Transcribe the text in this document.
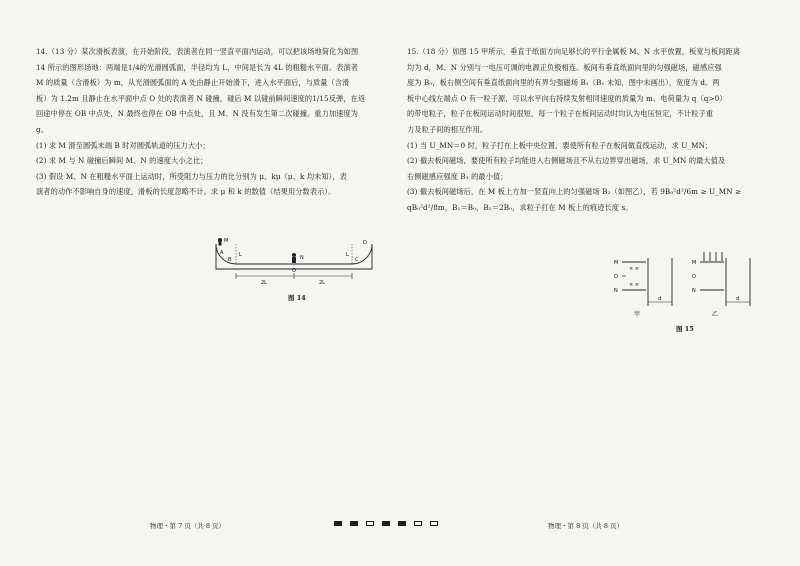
14.（13 分）某次滑板表演，在开始阶段，表演者在同一竖直平面内运动，可以把该场地简化为如图

14 所示的图形场地：两端是1/4的光滑圆弧面，半径均为 L，中间是长为 4L 的粗糙水平面。表演者

M 的质量（含滑板）为 m，从光滑圆弧面的 A 处由静止开始滑下，进入水平面后，与质量（含滑

板）为 1.2m 且静止在水平面中点 O 处的表演者 N 碰撞，碰后 M 以碰前瞬间速度的1/15反弹，在返

回途中停在 OB 中点处，N 最终也停在 OB 中点处，且 M、N 没有发生第二次碰撞。重力加速度为

g。

(1) 求 M 滑至圆弧末端 B 时对圆弧轨道的压力大小；

(2) 求 M 与 N 碰撞后瞬间 M、N 的速度大小之比；

(3) 假设 M、N 在粗糙水平面上运动时，所受阻力与压力的比分别为 μ、kμ（μ、k 均未知），表

演者的动作不影响自身的速度，滑板的长度忽略不计。求 μ 和 k 的数值（结果用分数表示）。

M
A
B	N
O
C
D
L	L
2L	2L
图 14

15.（18 分）如图 15 甲所示，垂直于纸面方向足够长的平行金属板 M、N 水平放置，板宽与板间距离

均为 d，M、N 分别与一电压可调的电源正负极相连。板间有垂直纸面向里的匀强磁场，磁感应强

度为 B₀，板右侧空间有垂直纸面向里的有界匀强磁场 B₁（B₁ 未知，图中未画出），宽度为 d。两

板中心线左端点 O 有一粒子源，可以水平向右持续发射相同速度的质量为 m、电荷量为 q（q>0）

的带电粒子，粒子在板间运动时间很短，每一个粒子在板间运动时均认为电压恒定，不计粒子重

力及粒子间的相互作用。

(1) 当 U_MN＝0 时，粒子打在上板中央位置，要使所有粒子在板间做直线运动，求 U_MN；

(2) 撤去板间磁场，要使所有粒子均能进入右侧磁场且不从右边界穿出磁场，求 U_MN 的最大值及

右侧磁感应强度 B₁ 的最小值；

(3) 撤去板间磁场后，在 M 板上方加一竖直向上的匀强磁场 B₂（如图乙），若 9B₀²d²/6m ≥ U_MN ≥

qB₀²d²/8m，B₁＝B₀，B₂＝2B₀，求粒子打在 M 板上的痕迹长度 s。

× ×
× ×
M
O
N
d
甲
M
O
N
d
乙
图 15
物理・第 7 页（共 8 页）	物理・第 8 页（共 8 页）
